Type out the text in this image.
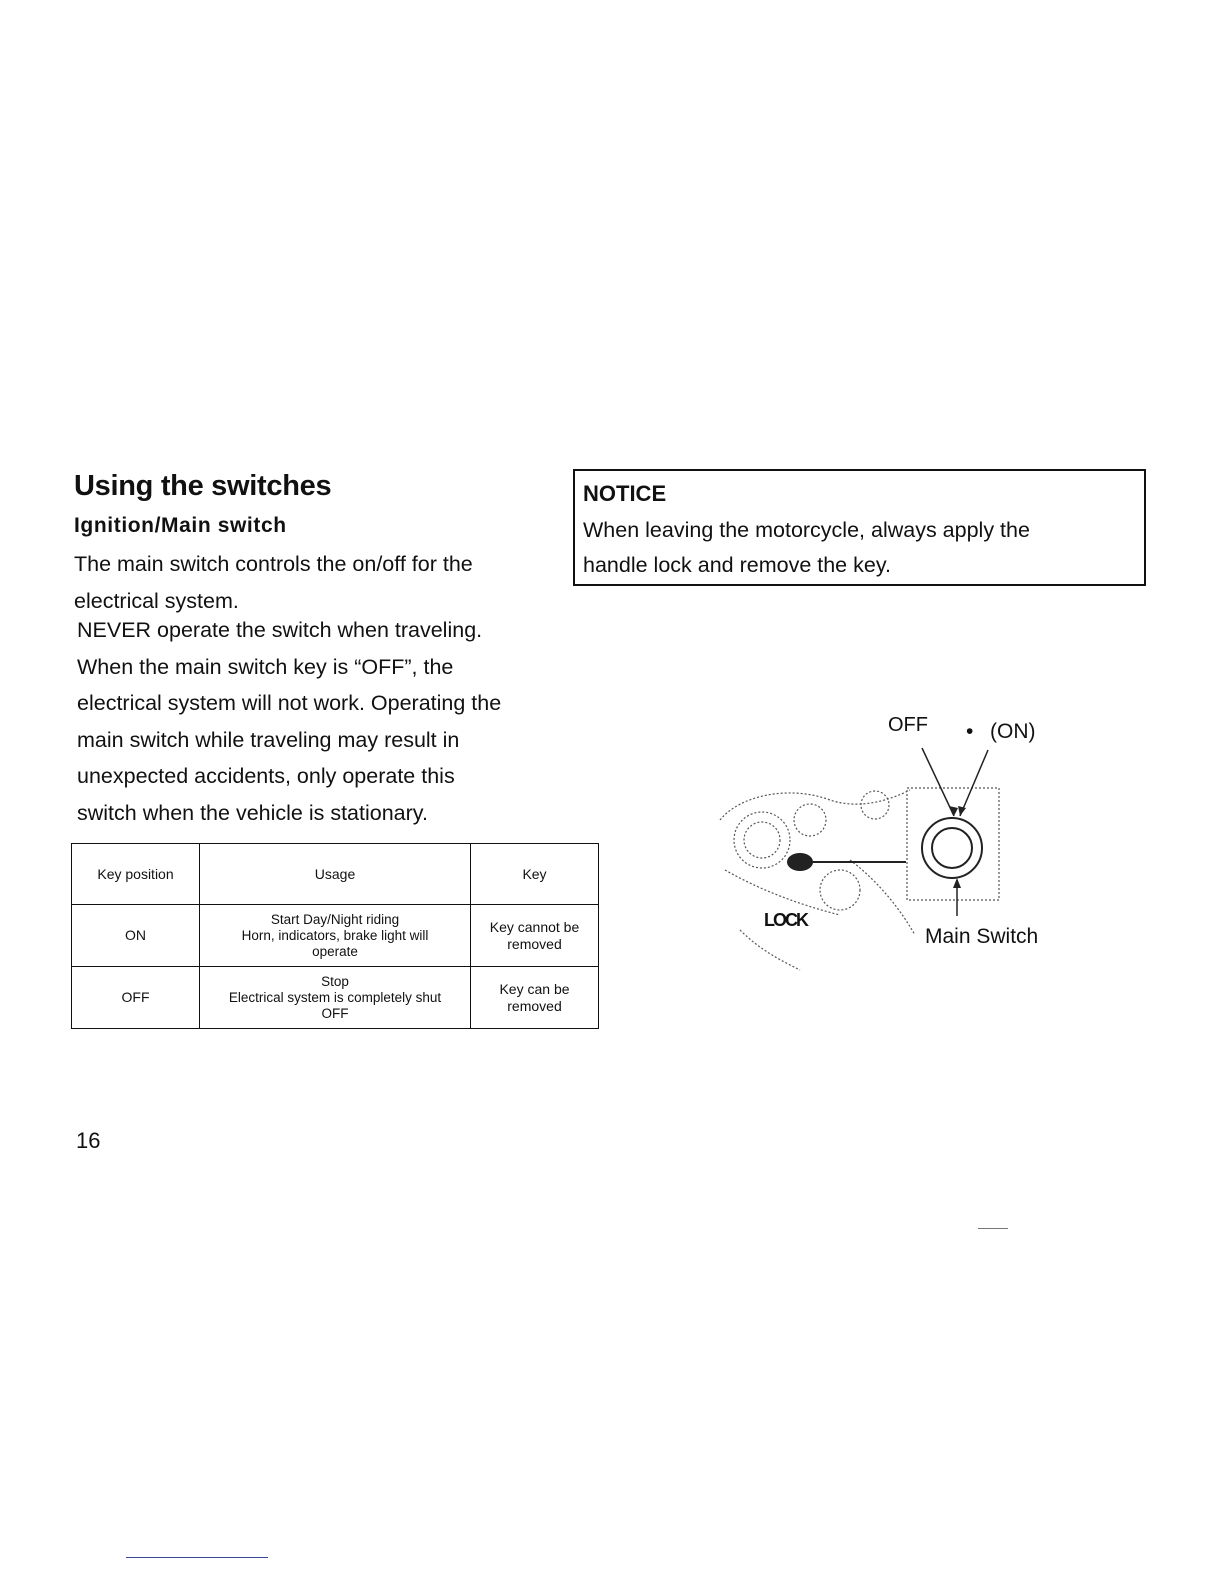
Using the switches
Ignition/Main switch

The main switch controls the on/off for the

electrical system.

NEVER operate the switch when traveling.

When the main switch key is “OFF”, the

electrical system will not work. Operating the

main switch while traveling may result in

unexpected accidents, only operate this

switch when the vehicle is stationary.

NOTICE

When leaving the motorcycle, always apply the
handle lock and remove the key.

Key position	Usage	Key
ON	Start Day/Night riding
Horn, indicators, brake light will
operate	Key cannot be
removed
OFF	Stop
Electrical system is completely shut
OFF	Key can be
removed
OFF • (ON)
LOCK
Main Switch
16
